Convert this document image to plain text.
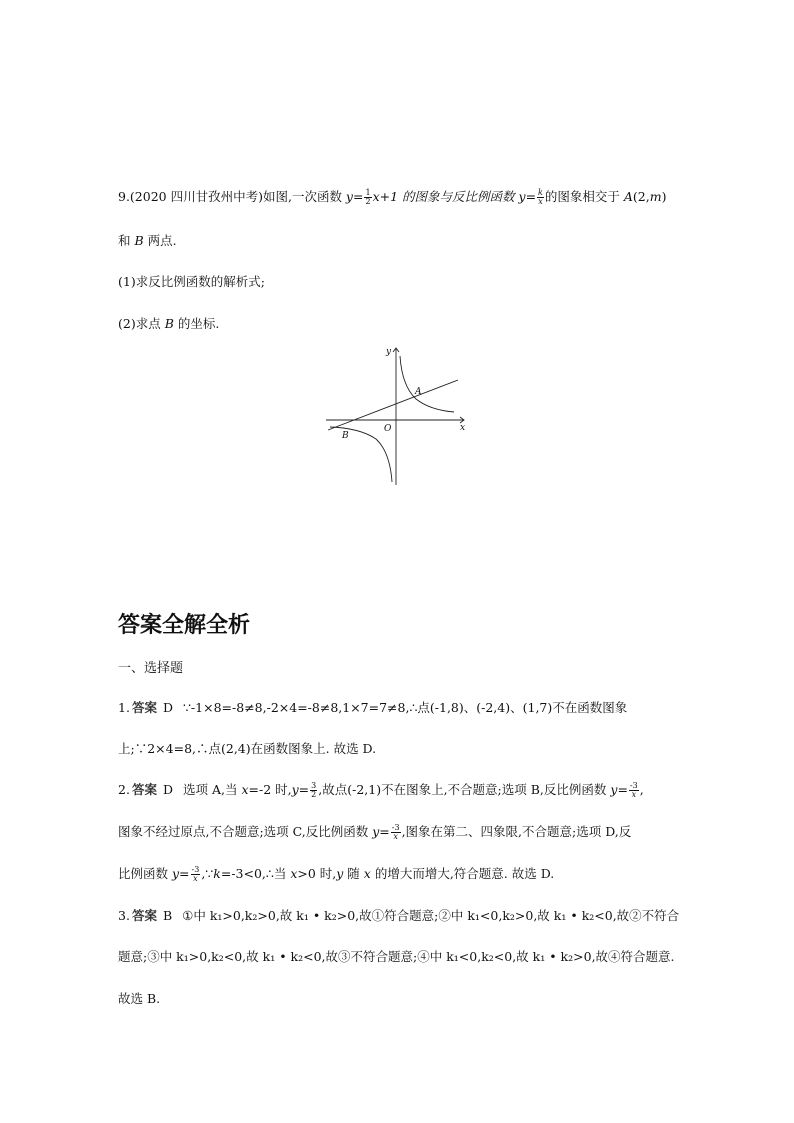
9.(2020 四川甘孜州中考)如图,一次函数 $y= \frac{1}{2} x+1$ 的图象与反比例函数 $y= \frac{k}{x}$ 的图象相交于 A(2,m)
和 B 两点.
(1)求反比例函数的解析式;
(2)求点 B 的坐标.
y
x
O
A
B
答案全解全析
一、选择题
1. 答案 D ∵-1×8=-8≠8,-2×4=-8≠8,1×7=7≠8,∴点(-1,8)、(-2,4)、(1,7)不在函数图象
上;∵2×4=8,∴点(2,4)在函数图象上. 故选 D.
2. 答案 D 选项 A,当 x=-2 时$,y= \frac{3}{2}$ ,故点(-2,1)不在图象上,不合题意;选项 B,反比例函数 $y= \frac{-3}{x}$ ,
图象不经过原点,不合题意;选项 C,反比例函数 $y= \frac{-3}{x}$ ,图象在第二、四象限,不合题意;选项 D,反
比例函数 $y= \frac{-3}{x}$ ,∵k=-3<0,∴当 x>0 时,y 随 x 的增大而增大,符合题意. 故选 D.
3. 答案 B ①中 k₁>0,k₂>0,故 k₁ • k₂>0,故①符合题意;②中 k₁<0,k₂>0,故 k₁ • k₂<0,故②不符合
题意;③中 k₁>0,k₂<0,故 k₁ • k₂<0,故③不符合题意;④中 k₁<0,k₂<0,故 k₁ • k₂>0,故④符合题意.
故选 B.
